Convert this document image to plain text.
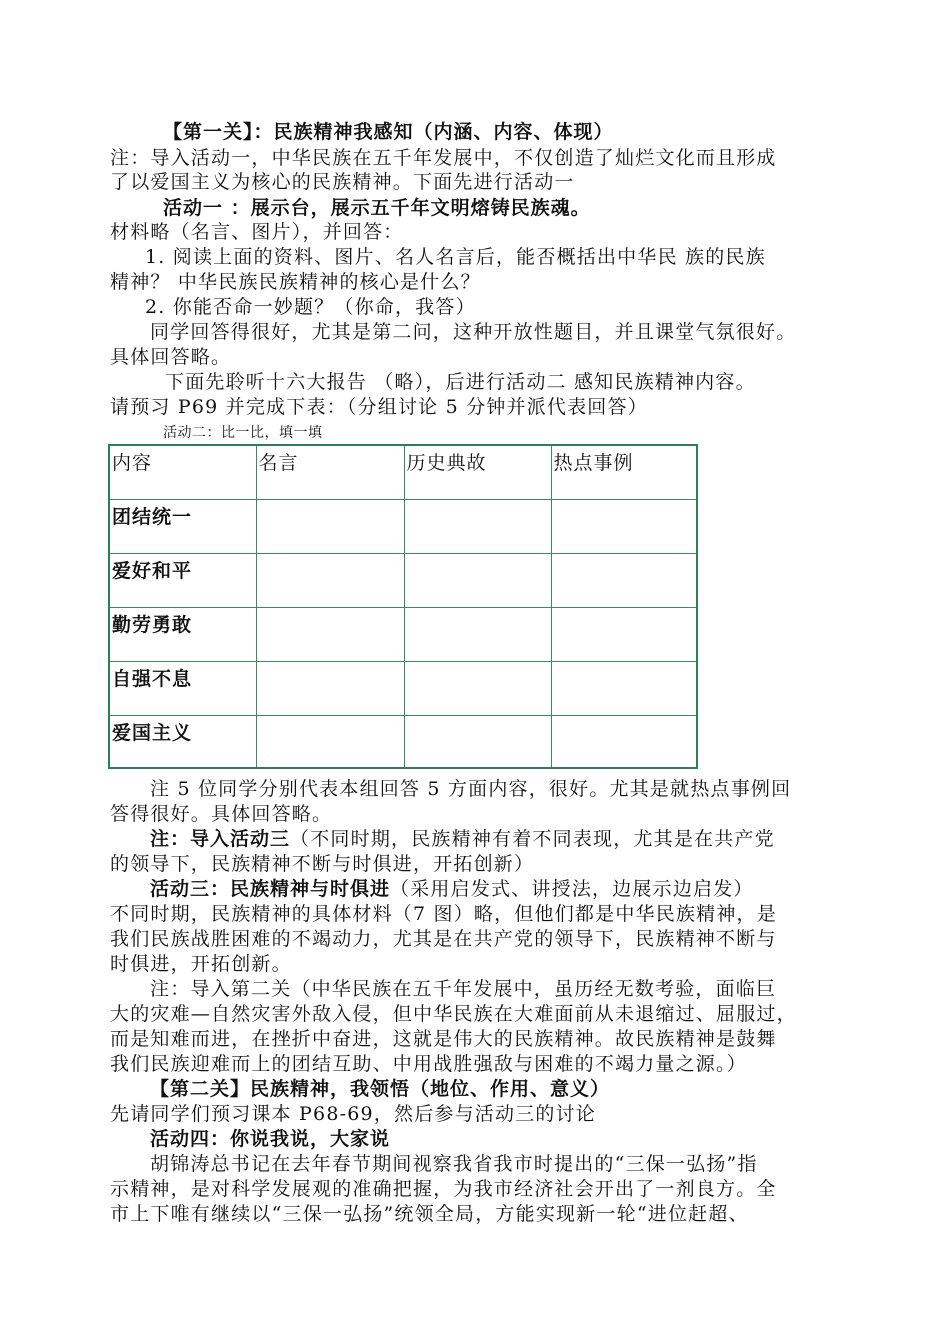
【第一关】：民族精神我感知（内涵、内容、体现）
注：导入活动一，中华民族在五千年发展中，不仅创造了灿烂文化而且形成
了以爱国主义为核心的民族精神。下面先进行活动一
活动一 ：展示台，展示五千年文明熔铸民族魂。
材料略（名言、图片），并回答：
1. 阅读上面的资料、图片、名人名言后，能否概括出中华民 族的民族
精神？ 中华民族民族精神的核心是什么？
2. 你能否命一妙题？（你命，我答）
同学回答得很好，尤其是第二问，这种开放性题目，并且课堂气氛很好。
具体回答略。
下面先聆听十六大报告 （略），后进行活动二 感知民族精神内容。
请预习 P69 并完成下表：（分组讨论 5 分钟并派代表回答）
活动二：比一比，填一填
内容	名言	历史典故	热点事例
团结统一			
爱好和平			
勤劳勇敢			
自强不息			
爱国主义			
注 5 位同学分别代表本组回答 5 方面内容，很好。尤其是就热点事例回
答得很好。具体回答略。
注：导入活动三（不同时期，民族精神有着不同表现，尤其是在共产党
的领导下，民族精神不断与时俱进，开拓创新）
活动三：民族精神与时俱进（采用启发式、讲授法，边展示边启发）
不同时期，民族精神的具体材料（7 图）略，但他们都是中华民族精神，是
我们民族战胜困难的不竭动力，尤其是在共产党的领导下，民族精神不断与
时俱进，开拓创新。
注：导入第二关（中华民族在五千年发展中，虽历经无数考验，面临巨
大的灾难—自然灾害外敌入侵，但中华民族在大难面前从未退缩过、屈服过，
而是知难而进，在挫折中奋进，这就是伟大的民族精神。故民族精神是鼓舞
我们民族迎难而上的团结互助、中用战胜强敌与困难的不竭力量之源。）
【第二关】民族精神，我领悟（地位、作用、意义）
先请同学们预习课本 P68-69，然后参与活动三的讨论
活动四：你说我说，大家说
胡锦涛总书记在去年春节期间视察我省我市时提出的“三保一弘扬”指
示精神，是对科学发展观的准确把握，为我市经济社会开出了一剂良方。全
市上下唯有继续以“三保一弘扬”统领全局，方能实现新一轮“进位赶超、
